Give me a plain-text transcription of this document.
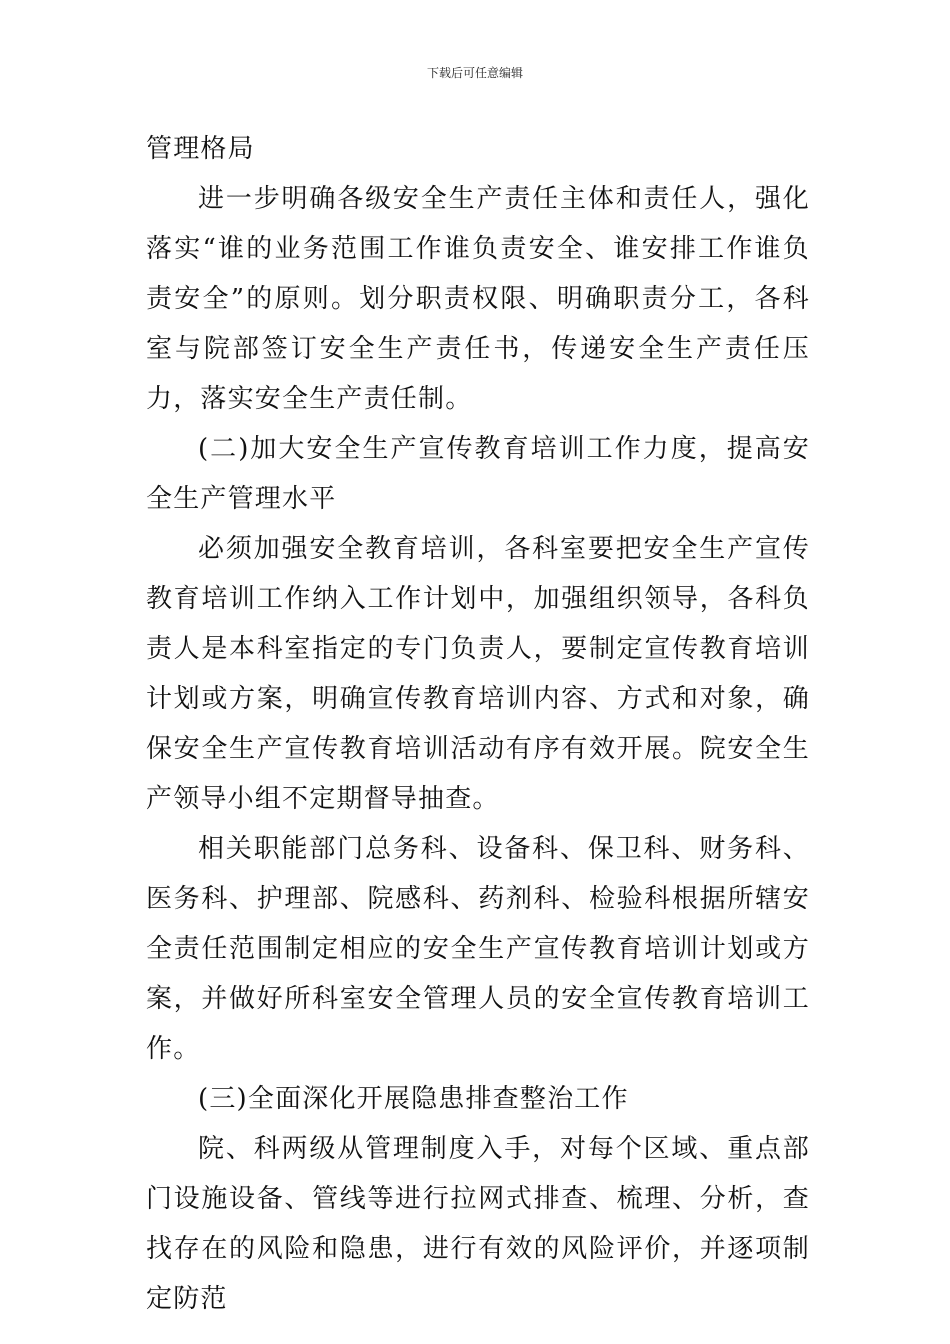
下载后可任意编辑

管理格局

进一步明确各级安全生产责任主体和责任人，强化落实“谁的业务范围工作谁负责安全、谁安排工作谁负责安全”的原则。划分职责权限、明确职责分工，各科室与院部签订安全生产责任书，传递安全生产责任压力，落实安全生产责任制。

(二)加大安全生产宣传教育培训工作力度，提高安全生产管理水平

必须加强安全教育培训，各科室要把安全生产宣传教育培训工作纳入工作计划中，加强组织领导，各科负责人是本科室指定的专门负责人，要制定宣传教育培训计划或方案，明确宣传教育培训内容、方式和对象，确保安全生产宣传教育培训活动有序有效开展。院安全生产领导小组不定期督导抽查。

相关职能部门总务科、设备科、保卫科、财务科、医务科、护理部、院感科、药剂科、检验科根据所辖安全责任范围制定相应的安全生产宣传教育培训计划或方案，并做好所科室安全管理人员的安全宣传教育培训工作。

(三)全面深化开展隐患排查整治工作

院、科两级从管理制度入手，对每个区域、重点部门设施设备、管线等进行拉网式排查、梳理、分析，查找存在的风险和隐患，进行有效的风险评价，并逐项制定防范
